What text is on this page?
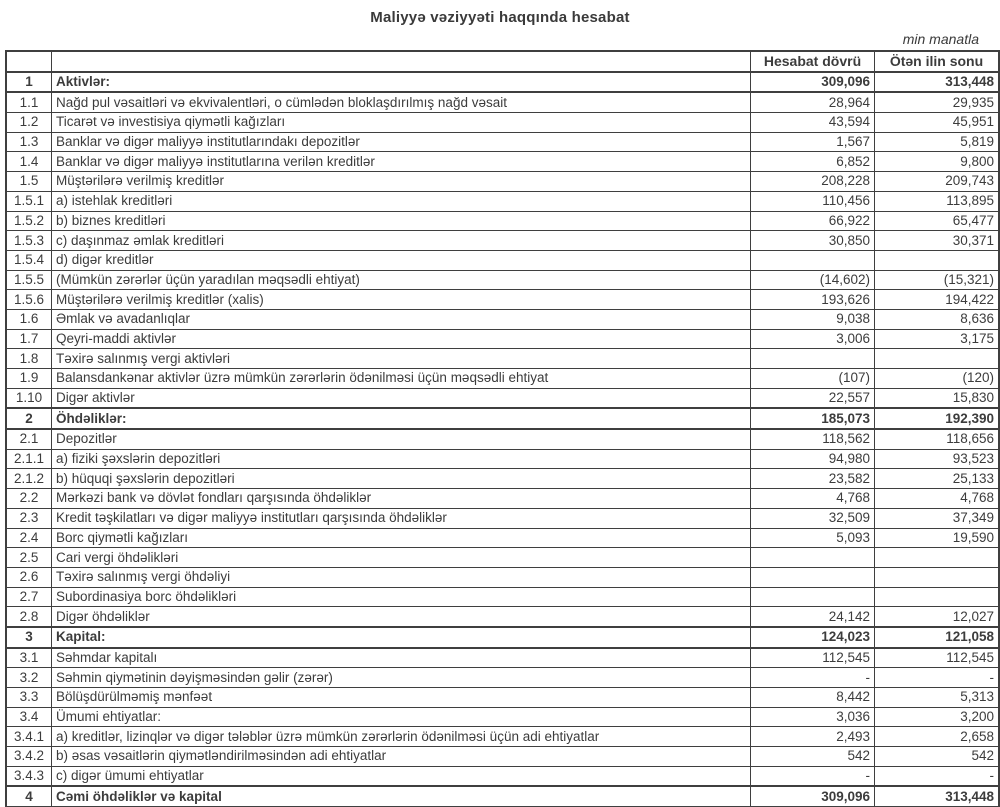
Maliyyə vəziyyəti haqqında hesabat
min manatla
		Hesabat dövrü	Ötən ilin sonu
1	Aktivlər:	309,096	313,448
1.1	Nağd pul vəsaitləri və ekvivalentləri, o cümlədən bloklaşdırılmış nağd vəsait	28,964	29,935
1.2	Ticarət və investisiya qiymətli kağızları	43,594	45,951
1.3	Banklar və digər maliyyə institutlarındakı depozitlər	1,567	5,819
1.4	Banklar və digər maliyyə institutlarına verilən kreditlər	6,852	9,800
1.5	Müştərilərə verilmiş kreditlər	208,228	209,743
1.5.1	a) istehlak kreditləri	110,456	113,895
1.5.2	b) biznes kreditləri	66,922	65,477
1.5.3	c) daşınmaz əmlak kreditləri	30,850	30,371
1.5.4	d) digər kreditlər		
1.5.5	(Mümkün zərərlər üçün yaradılan məqsədli ehtiyat)	(14,602)	(15,321)
1.5.6	Müştərilərə verilmiş kreditlər (xalis)	193,626	194,422
1.6	Əmlak və avadanlıqlar	9,038	8,636
1.7	Qeyri-maddi aktivlər	3,006	3,175
1.8	Təxirə salınmış vergi aktivləri		
1.9	Balansdankənar aktivlər üzrə mümkün zərərlərin ödənilməsi üçün məqsədli ehtiyat	(107)	(120)
1.10	Digər aktivlər	22,557	15,830
2	Öhdəliklər:	185,073	192,390
2.1	Depozitlər	118,562	118,656
2.1.1	a) fiziki şəxslərin depozitləri	94,980	93,523
2.1.2	b) hüquqi şəxslərin depozitləri	23,582	25,133
2.2	Mərkəzi bank və dövlət fondları qarşısında öhdəliklər	4,768	4,768
2.3	Kredit təşkilatları və digər maliyyə institutları qarşısında öhdəliklər	32,509	37,349
2.4	Borc qiymətli kağızları	5,093	19,590
2.5	Cari vergi öhdəlikləri		
2.6	Təxirə salınmış vergi öhdəliyi		
2.7	Subordinasiya borc öhdəlikləri		
2.8	Digər öhdəliklər	24,142	12,027
3	Kapital:	124,023	121,058
3.1	Səhmdar kapitalı	112,545	112,545
3.2	Səhmin qiymətinin dəyişməsindən gəlir (zərər)	-	-
3.3	Bölüşdürülməmiş mənfəət	8,442	5,313
3.4	Ümumi ehtiyatlar:	3,036	3,200
3.4.1	a) kreditlər, lizinqlər və digər tələblər üzrə mümkün zərərlərin ödənilməsi üçün adi ehtiyatlar	2,493	2,658
3.4.2	b) əsas vəsaitlərin qiymətləndirilməsindən adi ehtiyatlar	542	542
3.4.3	c) digər ümumi ehtiyatlar	-	-
4	Cəmi öhdəliklər və kapital	309,096	313,448
